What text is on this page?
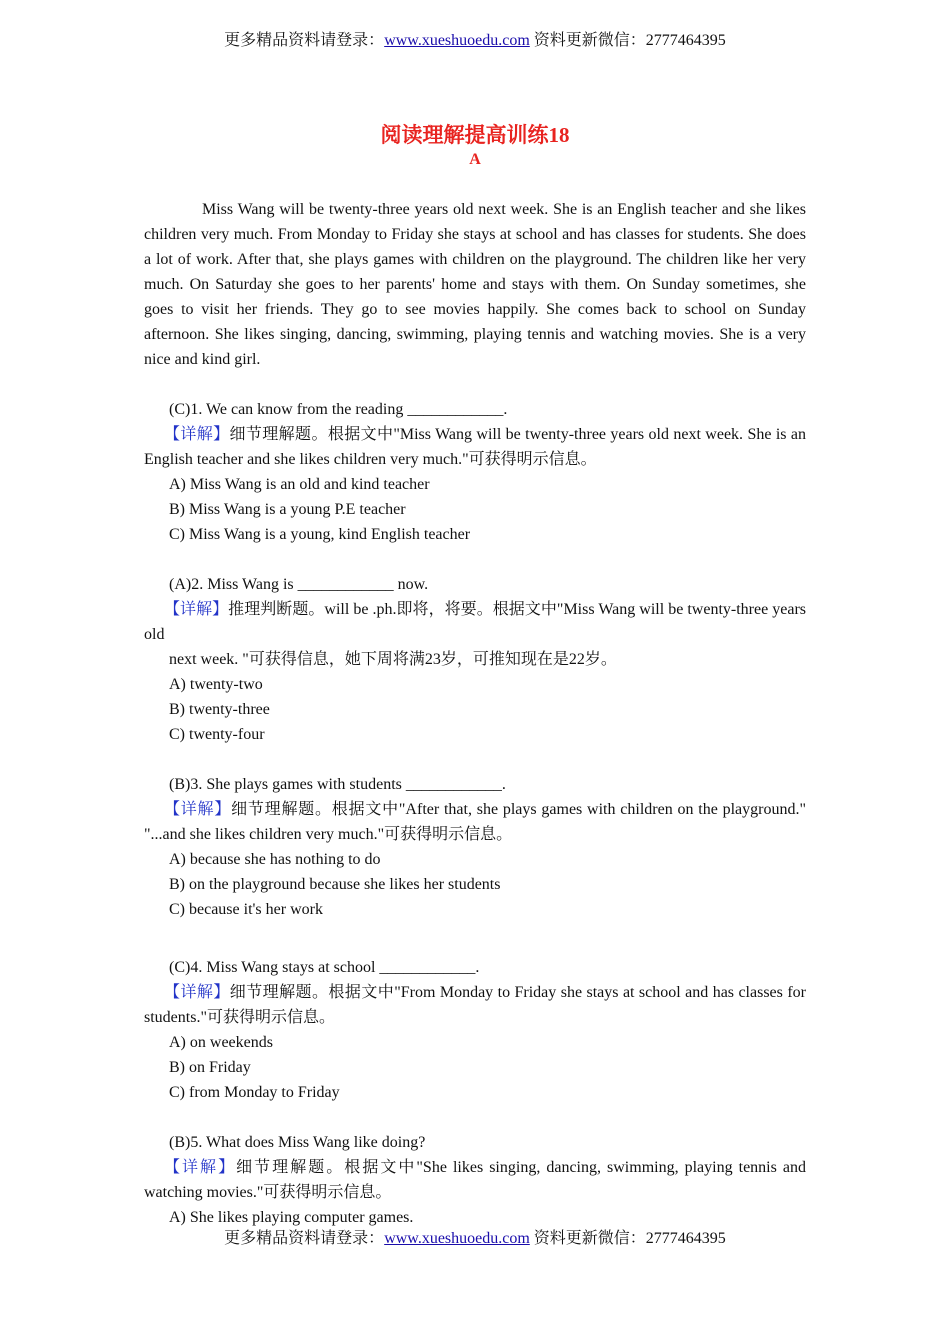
更多精品资料请登录：www.xueshuoedu.com 资料更新微信：2777464395
阅读理解提高训练18
A

Miss Wang will be twenty-three years old next week. She is an English teacher and she likes children very much. From Monday to Friday she stays at school and has classes for students. She does a lot of work. After that, she plays games with children on the playground. The children like her very much. On Saturday she goes to her parents' home and stays with them. On Sunday sometimes, she goes to visit her friends. They go to see movies happily. She comes back to school on Sunday afternoon. She likes singing, dancing, swimming, playing tennis and watching movies. She is a very nice and kind girl.

(C)1. We can know from the reading ____________.

【详解】细节理解题。根据文中"Miss Wang will be twenty-three years old next week. She is an English teacher and she likes children very much."可获得明示信息。

A) Miss Wang is an old and kind teacher

B) Miss Wang is a young P.E teacher

C) Miss Wang is a young, kind English teacher

(A)2. Miss Wang is ____________ now.

【详解】推理判断题。will be .ph.即将，将要。根据文中"Miss Wang will be twenty-three years old

next week. "可获得信息，她下周将满23岁，可推知现在是22岁。

A) twenty-two

B) twenty-three

C) twenty-four

(B)3. She plays games with students ____________.

【详解】细节理解题。根据文中"After that, she plays games with children on the playground." "...and she likes children very much."可获得明示信息。

A) because she has nothing to do

B) on the playground because she likes her students

C) because it's her work

(C)4. Miss Wang stays at school ____________.

【详解】细节理解题。根据文中"From Monday to Friday she stays at school and has classes for students."可获得明示信息。

A) on weekends

B) on Friday

C) from Monday to Friday

(B)5. What does Miss Wang like doing?

【详解】细节理解题。根据文中"She likes singing, dancing, swimming, playing tennis and watching movies."可获得明示信息。

A) She likes playing computer games.

更多精品资料请登录：www.xueshuoedu.com 资料更新微信：2777464395
